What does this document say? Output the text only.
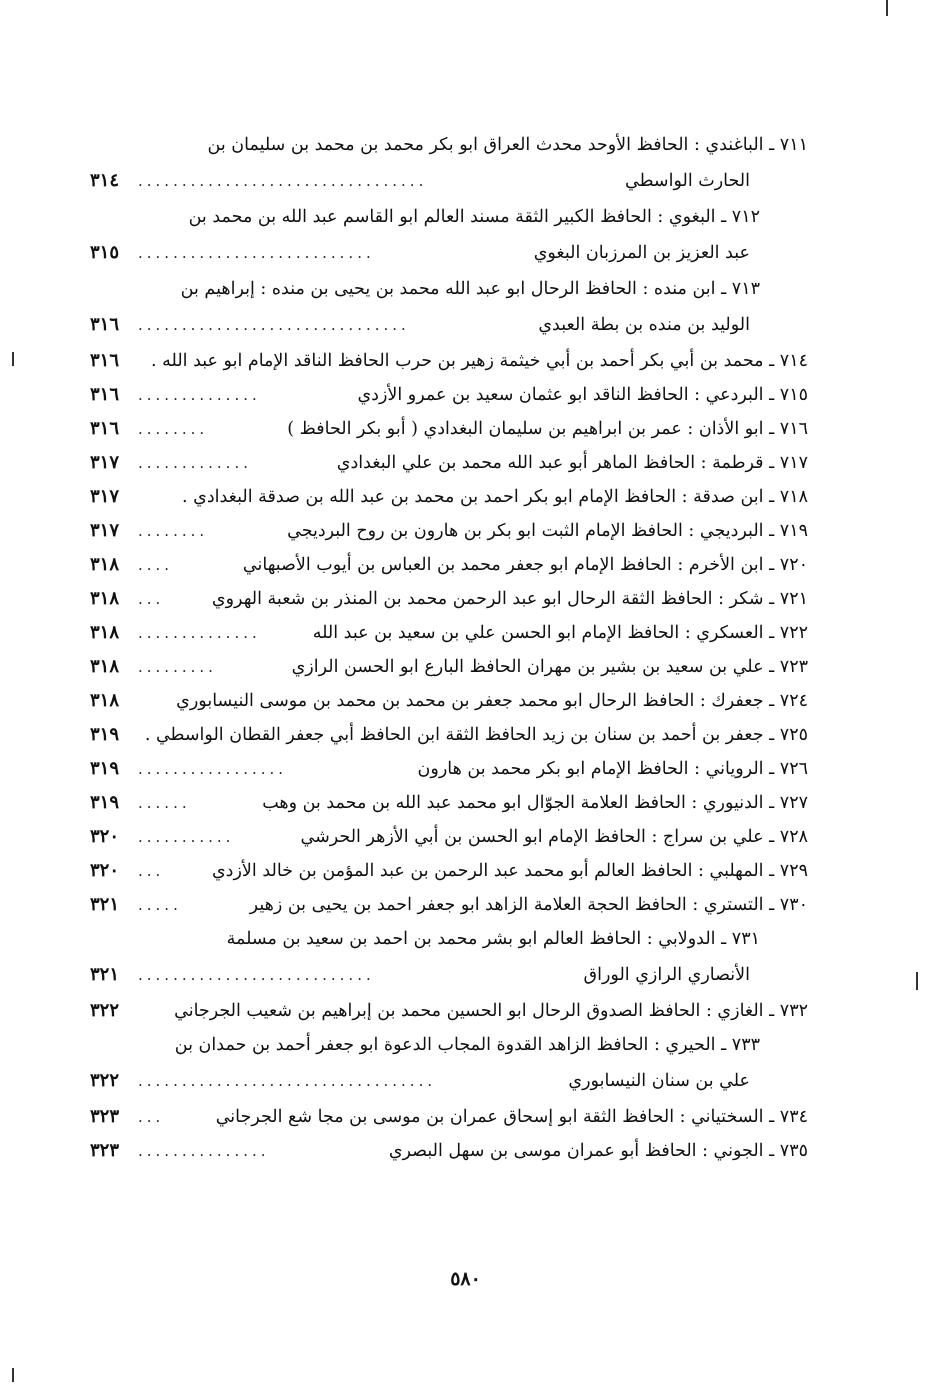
٧١١ ـ الباغندي : الحافظ الأوحد محدث العراق ابو بكر محمد بن محمد بن سليمان بن
الحارث الواسطي
.................................
٣١٤
٧١٢ ـ البغوي : الحافظ الكبير الثقة مسند العالم ابو القاسم عبد الله بن محمد بن
عبد العزيز بن المرزبان البغوي
...........................
٣١٥
٧١٣ ـ ابن منده : الحافظ الرحال ابو عبد الله محمد بن يحيى بن منده : إبراهيم بن
الوليد بن منده بن بطة العبدي
...............................
٣١٦
٧١٤ ـ محمد بن أبي بكر أحمد بن أبي خيثمة زهير بن حرب الحافظ الناقد الإمام ابو عبد الله .
٣١٦
٧١٥ ـ البردعي : الحافظ الناقد ابو عثمان سعيد بن عمرو الأزدي
..............
٣١٦
٧١٦ ـ ابو الأذان : عمر بن ابراهيم بن سليمان البغدادي ( أبو بكر الحافظ )
........
٣١٦
٧١٧ ـ قرطمة : الحافظ الماهر أبو عبد الله محمد بن علي البغدادي
.............
٣١٧
٧١٨ ـ ابن صدقة : الحافظ الإمام ابو بكر احمد بن محمد بن عبد الله بن صدقة البغدادي .
٣١٧
٧١٩ ـ البرديجي : الحافظ الإمام الثبت ابو بكر بن هارون بن روح البرديجي
........
٣١٧
٧٢٠ ـ ابن الأخرم : الحافظ الإمام ابو جعفر محمد بن العباس بن أيوب الأصبهاني
....
٣١٨
٧٢١ ـ شكر : الحافظ الثقة الرحال ابو عبد الرحمن محمد بن المنذر بن شعبة الهروي
...
٣١٨
٧٢٢ ـ العسكري : الحافظ الإمام ابو الحسن علي بن سعيد بن عبد الله
..............
٣١٨
٧٢٣ ـ علي بن سعيد بن بشير بن مهران الحافظ البارع ابو الحسن الرازي
.........
٣١٨
٧٢٤ ـ جعفرك : الحافظ الرحال ابو محمد جعفر بن محمد بن محمد بن موسى النيسابوري
٣١٨
٧٢٥ ـ جعفر بن أحمد بن سنان بن زيد الحافظ الثقة ابن الحافظ أبي جعفر القطان الواسطي .
٣١٩
٧٢٦ ـ الروياني : الحافظ الإمام ابو بكر محمد بن هارون
.................
٣١٩
٧٢٧ ـ الدنيوري : الحافظ العلامة الجوّال ابو محمد عبد الله بن محمد بن وهب
......
٣١٩
٧٢٨ ـ علي بن سراج : الحافظ الإمام ابو الحسن بن أبي الأزهر الحرشي
...........
٣٢٠
٧٢٩ ـ المهلبي : الحافظ العالم أبو محمد عبد الرحمن بن عبد المؤمن بن خالد الأزدي
...
٣٢٠
٧٣٠ ـ التستري : الحافظ الحجة العلامة الزاهد ابو جعفر احمد بن يحيى بن زهير
.....
٣٢١
٧٣١ ـ الدولابي : الحافظ العالم ابو بشر محمد بن احمد بن سعيد بن مسلمة
الأنصاري الرازي الوراق
...........................
٣٢١
٧٣٢ ـ الغازي : الحافظ الصدوق الرحال ابو الحسين محمد بن إبراهيم بن شعيب الجرجاني
٣٢٢
٧٣٣ ـ الحيري : الحافظ الزاهد القدوة المجاب الدعوة ابو جعفر أحمد بن حمدان بن
علي بن سنان النيسابوري
..................................
٣٢٢
٧٣٤ ـ السختياني : الحافظ الثقة ابو إسحاق عمران بن موسى بن مجا شع الجرجاني
...
٣٢٣
٧٣٥ ـ الجوني : الحافظ أبو عمران موسى بن سهل البصري
...............
٣٢٣
٥٨٠
